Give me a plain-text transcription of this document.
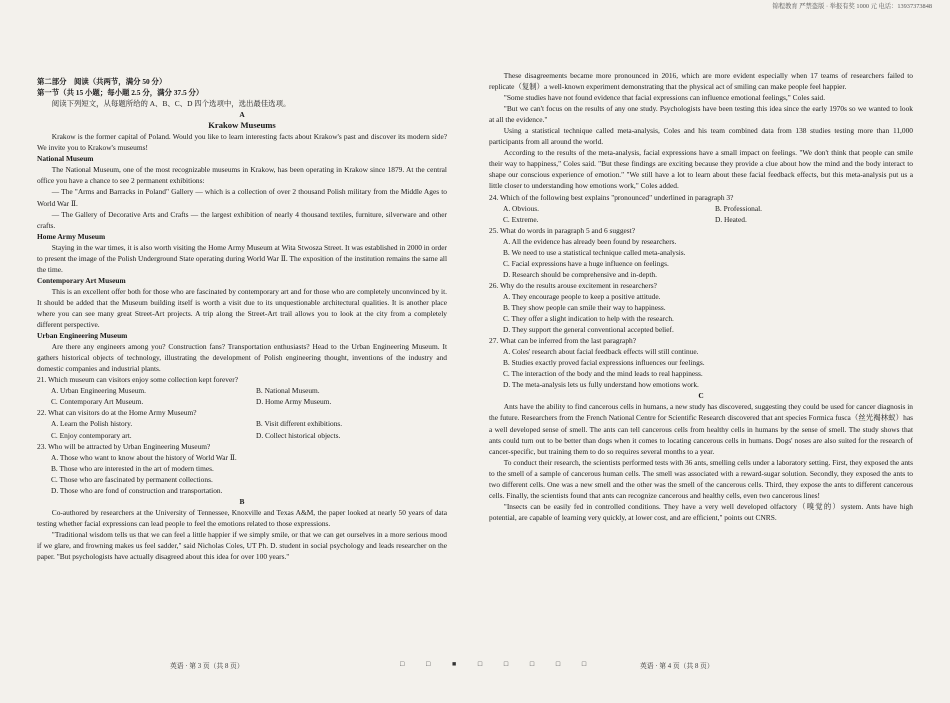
锦程教育 严禁盗版 · 举报有奖 1000 元 电话：13937373848

第二部分　阅读（共两节，满分 50 分）

第一节（共 15 小题；每小题 2.5 分，满分 37.5 分）

阅读下列短文，从每题所给的 A、B、C、D 四个选项中，选出最佳选项。

A

Krakow Museums

Krakow is the former capital of Poland. Would you like to learn interesting facts about Krakow's past and discover its modern side? We invite you to Krakow's museums!

National Museum

The National Museum, one of the most recognizable museums in Krakow, has been operating in Krakow since 1879. At the central office you have a chance to see 2 permanent exhibitions:

— The "Arms and Barracks in Poland" Gallery — which is a collection of over 2 thousand Polish military from the Middle Ages to World War Ⅱ.

— The Gallery of Decorative Arts and Crafts — the largest exhibition of nearly 4 thousand textiles, furniture, silverware and other crafts.

Home Army Museum

Staying in the war times, it is also worth visiting the Home Army Museum at Wita Stwosza Street. It was established in 2000 in order to present the image of the Polish Underground State operating during World War Ⅱ. The exposition of the institution remains the same all the time.

Contemporary Art Museum

This is an excellent offer both for those who are fascinated by contemporary art and for those who are completely unconvinced by it. It should be added that the Museum building itself is worth a visit due to its unquestionable architectural qualities. It is another place where you can see many great Street-Art projects. A trip along the Street-Art trail allows you to look at the city from a completely different perspective.

Urban Engineering Museum

Are there any engineers among you? Construction fans? Transportation enthusiasts? Head to the Urban Engineering Museum. It gathers historical objects of technology, illustrating the development of Polish engineering thought, inventions of the industry and domestic companies and industrial plants.

21. Which museum can visitors enjoy some collection kept forever?

A. Urban Engineering Museum.	B. National Museum.
C. Contemporary Art Museum.	D. Home Army Museum.

22. What can visitors do at the Home Army Museum?

A. Learn the Polish history.	B. Visit different exhibitions.
C. Enjoy contemporary art.	D. Collect historical objects.

23. Who will be attracted by Urban Engineering Museum?

A. Those who want to know about the history of World War Ⅱ.

B. Those who are interested in the art of modern times.

C. Those who are fascinated by permanent collections.

D. Those who are fond of construction and transportation.

B

Co-authored by researchers at the University of Tennessee, Knoxville and Texas A&M, the paper looked at nearly 50 years of data testing whether facial expressions can lead people to feel the emotions related to those expressions.

"Traditional wisdom tells us that we can feel a little happier if we simply smile, or that we can get ourselves in a more serious mood if we glare, and frowning makes us feel sadder," said Nicholas Coles, UT Ph. D. student in social psychology and leads researcher on the paper. "But psychologists have actually disagreed about this idea for over 100 years."

These disagreements became more pronounced in 2016, which are more evident especially when 17 teams of researchers failed to replicate（复制）a well-known experiment demonstrating that the physical act of smiling can make people feel happier.

"Some studies have not found evidence that facial expressions can influence emotional feelings," Coles said.

"But we can't focus on the results of any one study. Psychologists have been testing this idea since the early 1970s so we wanted to look at all the evidence."

Using a statistical technique called meta-analysis, Coles and his team combined data from 138 studies testing more than 11,000 participants from all around the world.

According to the results of the meta-analysis, facial expressions have a small impact on feelings. "We don't think that people can smile their way to happiness," Coles said. "But these findings are exciting because they provide a clue about how the mind and the body interact to shape our conscious experience of emotion." "We still have a lot to learn about these facial feedback effects, but this meta-analysis put us a little closer to understanding how emotions work," Coles added.

24. Which of the following best explains "pronounced" underlined in paragraph 3?

A. Obvious.	B. Professional.
C. Extreme.	D. Heated.

25. What do words in paragraph 5 and 6 suggest?

A. All the evidence has already been found by researchers.

B. We need to use a statistical technique called meta-analysis.

C. Facial expressions have a huge influence on feelings.

D. Research should be comprehensive and in-depth.

26. Why do the results arouse excitement in researchers?

A. They encourage people to keep a positive attitude.

B. They show people can smile their way to happiness.

C. They offer a slight indication to help with the research.

D. They support the general conventional accepted belief.

27. What can be inferred from the last paragraph?

A. Coles' research about facial feedback effects will still continue.

B. Studies exactly proved facial expressions influences our feelings.

C. The interaction of the body and the mind leads to real happiness.

D. The meta-analysis lets us fully understand how emotions work.

C

Ants have the ability to find cancerous cells in humans, a new study has discovered, suggesting they could be used for cancer diagnosis in the future. Researchers from the French National Centre for Scientific Research discovered that ant species Formica fusca（丝光褐林蚁）has a well developed sense of smell. The ants can tell cancerous cells from healthy cells in humans by the sense of smell. The study shows that ants could turn out to be better than dogs when it comes to locating cancerous cells in humans. Dogs' noses are also suited for the research of cancer-specific, but training them to do so requires several months to a year.

To conduct their research, the scientists performed tests with 36 ants, smelling cells under a laboratory setting. First, they exposed the ants to the smell of a sample of cancerous human cells. The smell was associated with a reward-sugar solution. Secondly, they exposed the ants to two different cells. One was a new smell and the other was the smell of the cancerous cells. Third, they expose the ants to different cancerous cells. Finally, the scientists found that ants can recognize cancerous and healthy cells, even two cancerous lines!

"Insects can be easily fed in controlled conditions. They have a very well developed olfactory（嗅觉的）system. Ants have high potential, are capable of learning very quickly, at lower cost, and are efficient," points out CNRS.

英语 · 第 3 页（共 8 页）	□ □ ■ □ □ □ □ □	英语 · 第 4 页（共 8 页）
